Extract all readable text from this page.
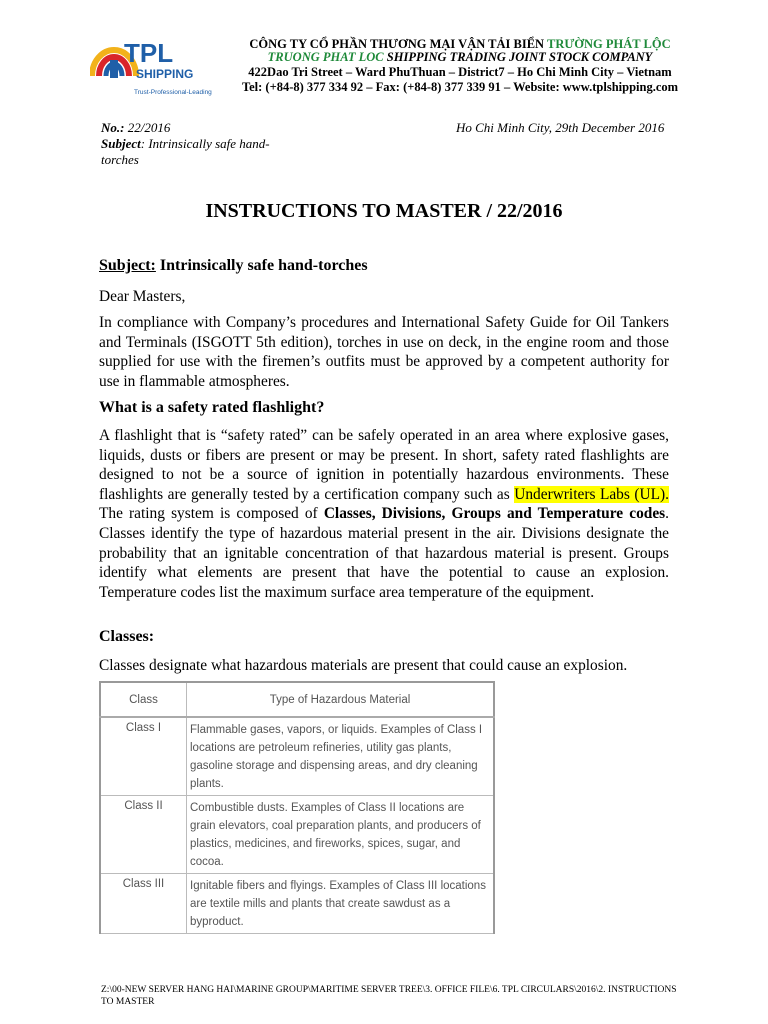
TPL
SHIPPING
Trust-Professional-Leading
CÔNG TY CỔ PHẦN THƯƠNG MẠI VẬN TẢI BIỂN TRƯỜNG PHÁT LỘC
TRUONG PHAT LOC SHIPPING TRADING JOINT STOCK COMPANY
422Dao Tri Street – Ward PhuThuan – District7 – Ho Chi Minh City – Vietnam
Tel: (+84-8) 377 334 92 – Fax: (+84-8) 377 339 91 – Website: www.tplshipping.com
No.: 22/2016
Subject: Intrinsically safe hand-torches
Ho Chi Minh City, 29th December 2016
INSTRUCTIONS TO MASTER / 22/2016
Subject: Intrinsically safe hand-torches
Dear Masters,
In compliance with Company’s procedures and International Safety Guide for Oil Tankers and Terminals (ISGOTT 5th edition), torches in use on deck, in the engine room and those supplied for use with the firemen’s outfits must be approved by a competent authority for use in flammable atmospheres.
What is a safety rated flashlight?
A flashlight that is “safety rated” can be safely operated in an area where explosive gases, liquids, dusts or fibers are present or may be present. In short, safety rated flashlights are designed to not be a source of ignition in potentially hazardous environments. These flashlights are generally tested by a certification company such as Underwriters Labs (UL). The rating system is composed of Classes, Divisions, Groups and Temperature codes. Classes identify the type of hazardous material present in the air. Divisions designate the probability that an ignitable concentration of that hazardous material is present. Groups identify what elements are present that have the potential to cause an explosion. Temperature codes list the maximum surface area temperature of the equipment.
Classes:
Classes designate what hazardous materials are present that could cause an explosion.
Class	Type of Hazardous Material
Class I	Flammable gases, vapors, or liquids. Examples of Class I locations are petroleum refineries, utility gas plants, gasoline storage and dispensing areas, and dry cleaning plants.
Class II	Combustible dusts. Examples of Class II locations are grain elevators, coal preparation plants, and producers of plastics, medicines, and fireworks, spices, sugar, and cocoa.
Class III	Ignitable fibers and flyings. Examples of Class III locations are textile mills and plants that create sawdust as a byproduct.
Z:\00-NEW SERVER HANG HAI\MARINE GROUP\MARITIME SERVER TREE\3. OFFICE FILE\6. TPL CIRCULARS\2016\2. INSTRUCTIONS TO MASTER
